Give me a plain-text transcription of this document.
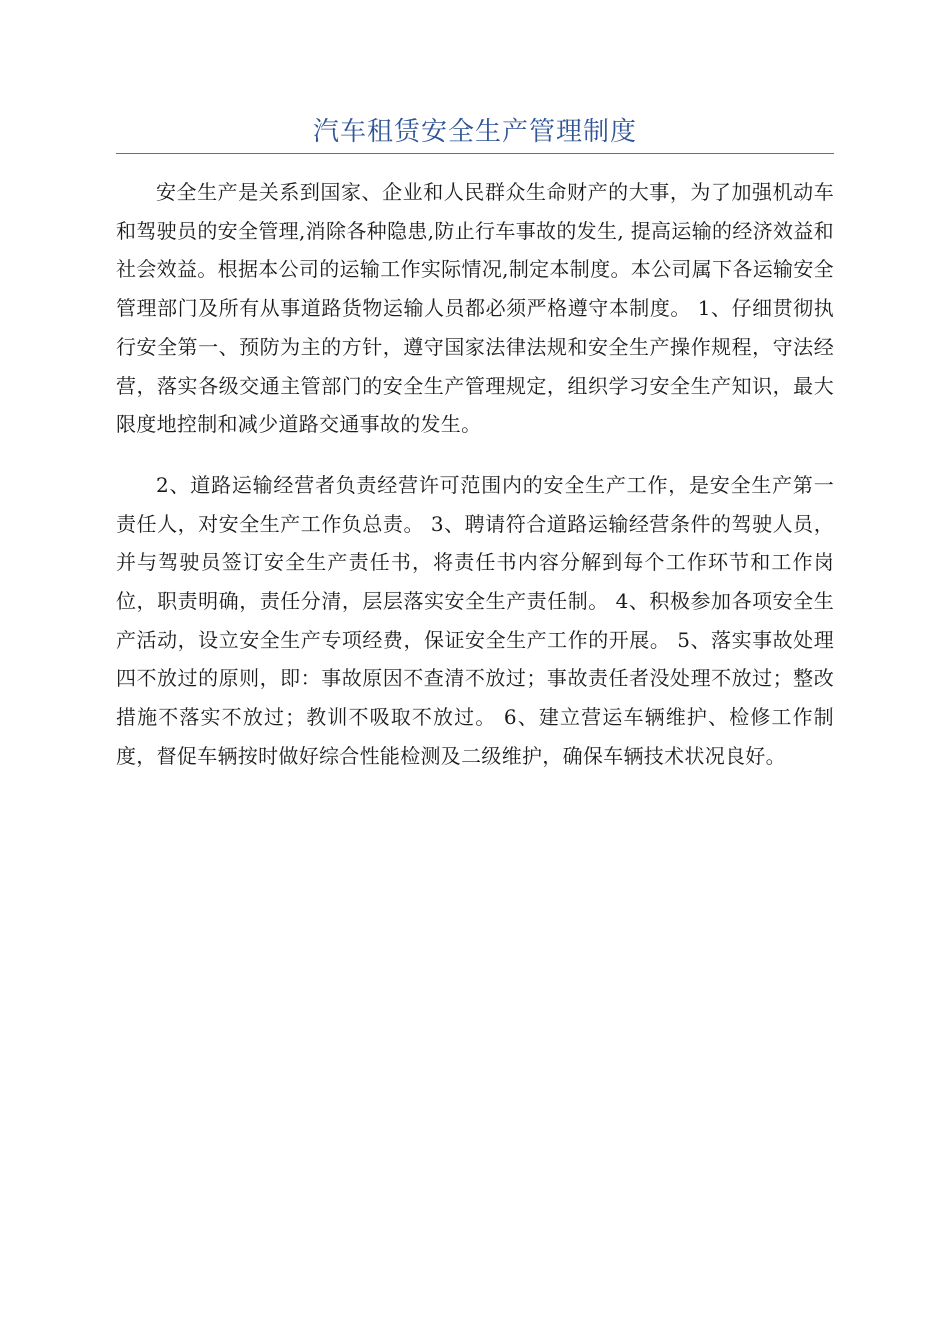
汽车租赁安全生产管理制度

安全生产是关系到国家、企业和人民群众生命财产的大事，为了加强机动车和驾驶员的安全管理,消除各种隐患,防止行车事故的发生, 提高运输的经济效益和社会效益。根据本公司的运输工作实际情况,制定本制度。本公司属下各运输安全管理部门及所有从事道路货物运输人员都必须严格遵守本制度。 1、仔细贯彻执行安全第一、预防为主的方针，遵守国家法律法规和安全生产操作规程，守法经营，落实各级交通主管部门的安全生产管理规定，组织学习安全生产知识，最大限度地控制和减少道路交通事故的发生。

2、道路运输经营者负责经营许可范围内的安全生产工作，是安全生产第一责任人，对安全生产工作负总责。 3、聘请符合道路运输经营条件的驾驶人员，并与驾驶员签订安全生产责任书，将责任书内容分解到每个工作环节和工作岗位，职责明确，责任分清，层层落实安全生产责任制。 4、积极参加各项安全生产活动，设立安全生产专项经费，保证安全生产工作的开展。 5、落实事故处理四不放过的原则，即：事故原因不查清不放过；事故责任者没处理不放过；整改措施不落实不放过；教训不吸取不放过。 6、建立营运车辆维护、检修工作制度，督促车辆按时做好综合性能检测及二级维护，确保车辆技术状况良好。
